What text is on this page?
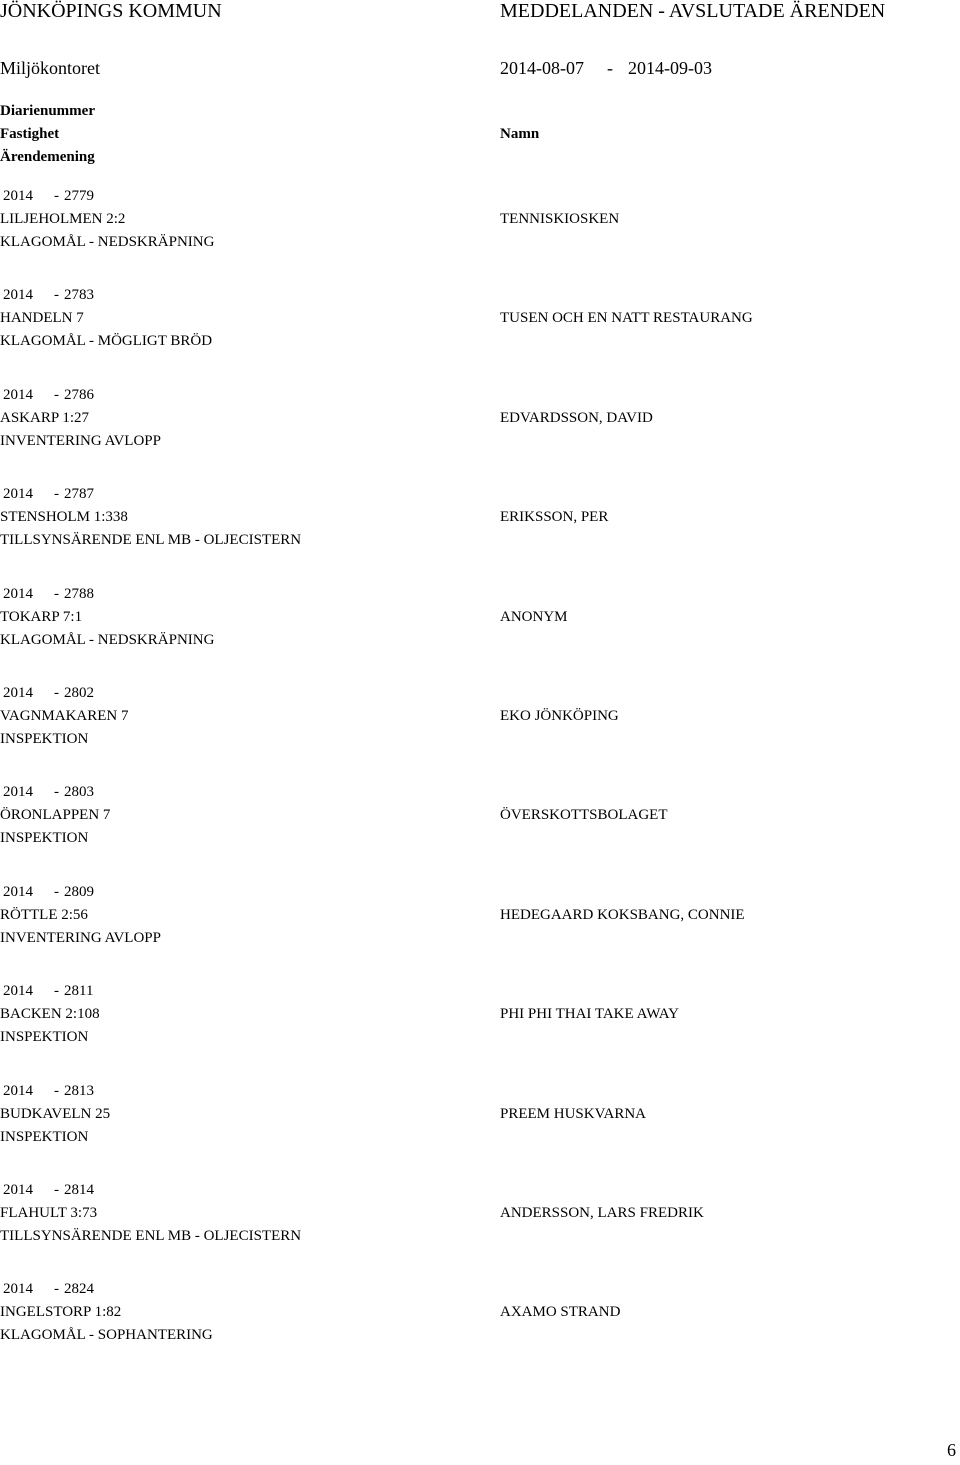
JÖNKÖPINGS KOMMUN	MEDDELANDEN - AVSLUTADE ÄRENDEN
Miljökontoret	2014-08-07 - 2014-09-03
Diarienummer
Fastighet
Ärendemening
Namn
2014 - 2779
LILJEHOLMEN 2:2
KLAGOMÅL - NEDSKRÄPNING
TENNISKIOSKEN
2014 - 2783
HANDELN 7
KLAGOMÅL - MÖGLIGT BRÖD
TUSEN OCH EN NATT RESTAURANG
2014 - 2786
ASKARP 1:27
INVENTERING AVLOPP
EDVARDSSON, DAVID
2014 - 2787
STENSHOLM 1:338
TILLSYNSÄRENDE ENL MB - OLJECISTERN
ERIKSSON, PER
2014 - 2788
TOKARP 7:1
KLAGOMÅL - NEDSKRÄPNING
ANONYM
2014 - 2802
VAGNMAKAREN 7
INSPEKTION
EKO JÖNKÖPING
2014 - 2803
ÖRONLAPPEN 7
INSPEKTION
ÖVERSKOTTSBOLAGET
2014 - 2809
RÖTTLE 2:56
INVENTERING AVLOPP
HEDEGAARD KOKSBANG, CONNIE
2014 - 2811
BACKEN 2:108
INSPEKTION
PHI PHI THAI TAKE AWAY
2014 - 2813
BUDKAVELN 25
INSPEKTION
PREEM HUSKVARNA
2014 - 2814
FLAHULT 3:73
TILLSYNSÄRENDE ENL MB - OLJECISTERN
ANDERSSON, LARS FREDRIK
2014 - 2824
INGELSTORP 1:82
KLAGOMÅL - SOPHANTERING
AXAMO STRAND
6
